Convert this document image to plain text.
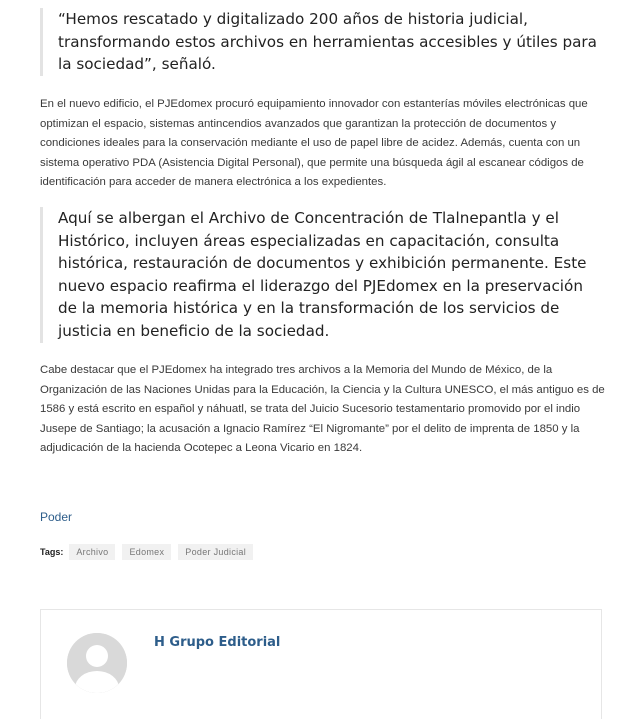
“Hemos rescatado y digitalizado 200 años de historia judicial, transformando estos archivos en herramientas accesibles y útiles para la sociedad”, señaló.

En el nuevo edificio, el PJEdomex procuró equipamiento innovador con estanterías móviles electrónicas que optimizan el espacio, sistemas antincendios avanzados que garantizan la protección de documentos y condiciones ideales para la conservación mediante el uso de papel libre de acidez. Además, cuenta con un sistema operativo PDA (Asistencia Digital Personal), que permite una búsqueda ágil al escanear códigos de identificación para acceder de manera electrónica a los expedientes.

Aquí se albergan el Archivo de Concentración de Tlalnepantla y el Histórico, incluyen áreas especializadas en capacitación, consulta histórica, restauración de documentos y exhibición permanente. Este nuevo espacio reafirma el liderazgo del PJEdomex en la preservación de la memoria histórica y en la transformación de los servicios de justicia en beneficio de la sociedad.

Cabe destacar que el PJEdomex ha integrado tres archivos a la Memoria del Mundo de México, de la Organización de las Naciones Unidas para la Educación, la Ciencia y la Cultura UNESCO, el más antiguo es de 1586 y está escrito en español y náhuatl, se trata del Juicio Sucesorio testamentario promovido por el indio Jusepe de Santiago; la acusación a Ignacio Ramírez “El Nigromante” por el delito de imprenta de 1850 y la adjudicación de la hacienda Ocotepec a Leona Vicario en 1824.

Poder
Tags:	Archivo	Edomex	Poder Judicial
H Grupo Editorial
